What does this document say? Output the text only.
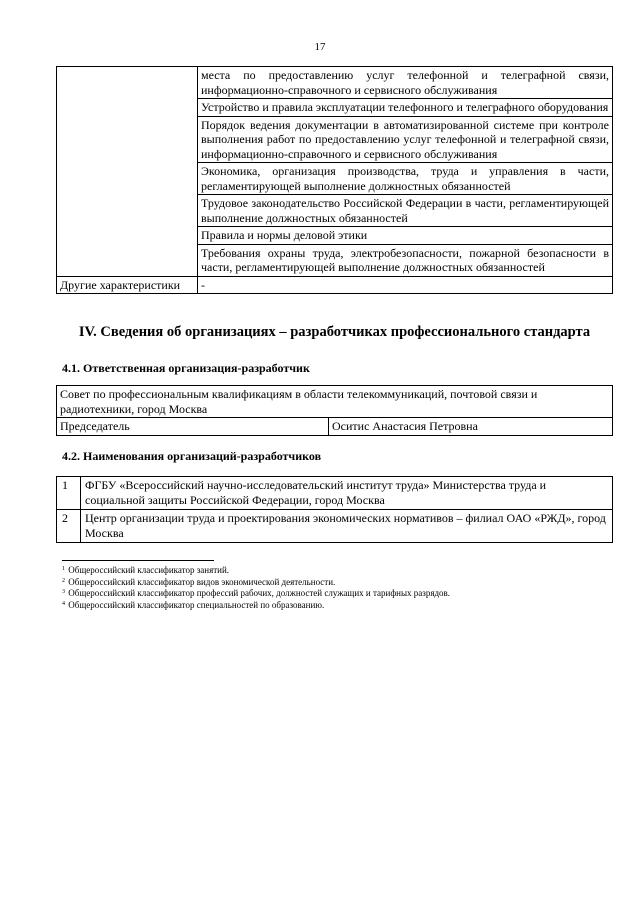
17
	места по предоставлению услуг телефонной и телеграфной связи, информационно-справочного и сервисного обслуживания
	Устройство и правила эксплуатации телефонного и телеграфного оборудования
	Порядок ведения документации в автоматизированной системе при контроле выполнения работ по предоставлению услуг телефонной и телеграфной связи, информационно-справочного и сервисного обслуживания
	Экономика, организация производства, труда и управления в части, регламентирующей выполнение должностных обязанностей
	Трудовое законодательство Российской Федерации в части, регламентирующей выполнение должностных обязанностей
	Правила и нормы деловой этики
	Требования охраны труда, электробезопасности, пожарной безопасности в части, регламентирующей выполнение должностных обязанностей
Другие характеристики	-
IV. Сведения об организациях – разработчиках профессионального стандарта
4.1. Ответственная организация-разработчик
Совет по профессиональным квалификациям в области телекоммуникаций, почтовой связи и радиотехники, город Москва
Председатель	Оситис Анастасия Петровна
4.2. Наименования организаций-разработчиков
1	ФГБУ «Всероссийский научно-исследовательский институт труда» Министерства труда и социальной защиты Российской Федерации, город Москва
2	Центр организации труда и проектирования экономических нормативов – филиал ОАО «РЖД», город Москва
$^1$ Общероссийский классификатор занятий.
$^2$ Общероссийский классификатор видов экономической деятельности.
$^3$ Общероссийский классификатор профессий рабочих, должностей служащих и тарифных разрядов.
$^4$ Общероссийский классификатор специальностей по образованию.
